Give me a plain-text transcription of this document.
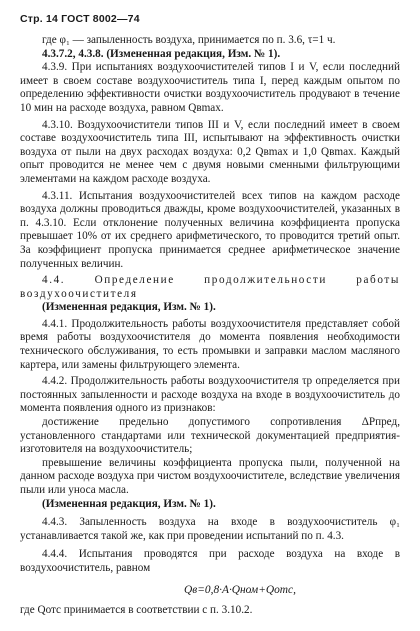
Стр. 14 ГОСТ 8002—74

где φ₁ — запыленность воздуха, принимается по п. 3.6, τ=1 ч.

4.3.7.2, 4.3.8. (Измененная редакция, Изм. № 1).

4.3.9. При испытаниях воздухоочистителей типов I и V, если последний имеет в своем составе воздухоочиститель типа I, перед каждым опытом по определению эффективности очистки воздухоочиститель продувают в течение 10 мин на расходе воздуха, равном Qвmax.

4.3.10. Воздухоочистители типов III и V, если последний имеет в своем составе воздухоочиститель типа III, испытывают на эффективность очистки воздуха от пыли на двух расходах воздуха: 0,2 Qвmax и 1,0 Qвmax. Каждый опыт проводится не менее чем с двумя новыми сменными фильтрующими элементами на каждом расходе воздуха.

4.3.11. Испытания воздухоочистителей всех типов на каждом расходе воздуха должны проводиться дважды, кроме воздухоочистителей, указанных в п. 4.3.10. Если отклонение полученных величина коэффициента пропуска превышает 10% от их среднего арифметического, то проводится третий опыт. За коэффициент пропуска принимается среднее арифметическое значение полученных величин.

4.4. Определение продолжительности работы воздухоочистителя

(Измененная редакция, Изм. № 1).

4.4.1. Продолжительность работы воздухоочистителя представляет собой время работы воздухоочистителя до момента появления необходимости технического обслуживания, то есть промывки и заправки маслом масляного картера, или замены фильтрующего элемента.

4.4.2. Продолжительность работы воздухоочистителя τр определяется при постоянных запыленности и расходе воздуха на входе в воздухоочиститель до момента появления одного из признаков:

достижение предельно допустимого сопротивления ΔPпред, установленного стандартами или технической документацией предприятия-изготовителя на воздухоочиститель;

превышение величины коэффициента пропуска пыли, полученной на данном расходе воздуха при чистом воздухоочистителе, вследствие увеличения пыли или уноса масла.

(Измененная редакция, Изм. № 1).

4.4.3. Запыленность воздуха на входе в воздухоочиститель φ₁ устанавливается такой же, как при проведении испытаний по п. 4.3.

4.4.4. Испытания проводятся при расходе воздуха на входе в воздухоочиститель, равном

Qв=0,8·A·Qном+Qотс,

где Qотс принимается в соответствии с п. 3.10.2.
